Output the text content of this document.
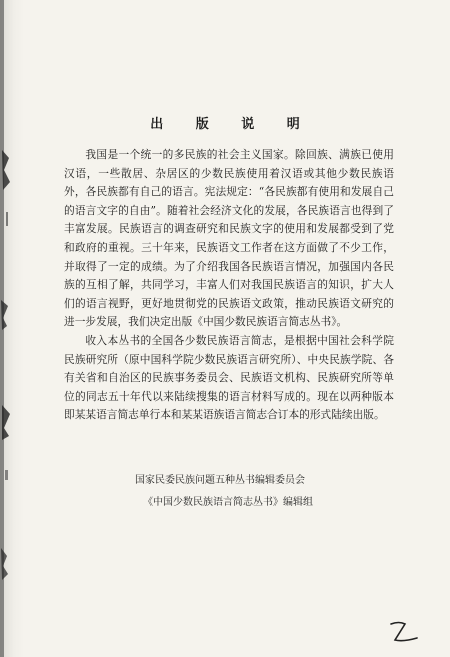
出 版 说 明

我国是一个统一的多民族的社会主义国家。除回族、满族已使用汉语，一些散居、杂居区的少数民族使用着汉语或其他少数民族语外，各民族都有自己的语言。宪法规定：“各民族都有使用和发展自己的语言文字的自由”。随着社会经济文化的发展，各民族语言也得到了丰富发展。民族语言的调查研究和民族文字的使用和发展都受到了党和政府的重视。三十年来，民族语文工作者在这方面做了不少工作，并取得了一定的成绩。为了介绍我国各民族语言情况，加强国内各民族的互相了解，共同学习，丰富人们对我国民族语言的知识，扩大人们的语言视野，更好地贯彻党的民族语文政策，推动民族语文研究的进一步发展，我们决定出版《中国少数民族语言简志丛书》。

收入本丛书的全国各少数民族语言简志，是根据中国社会科学院民族研究所（原中国科学院少数民族语言研究所）、中央民族学院、各有关省和自治区的民族事务委员会、民族语文机构、民族研究所等单位的同志五十年代以来陆续搜集的语言材料写成的。现在以两种版本即某某语言简志单行本和某某语族语言简志合订本的形式陆续出版。

国家民委民族问题五种丛书编辑委员会
《中国少数民族语言简志丛书》编辑组
